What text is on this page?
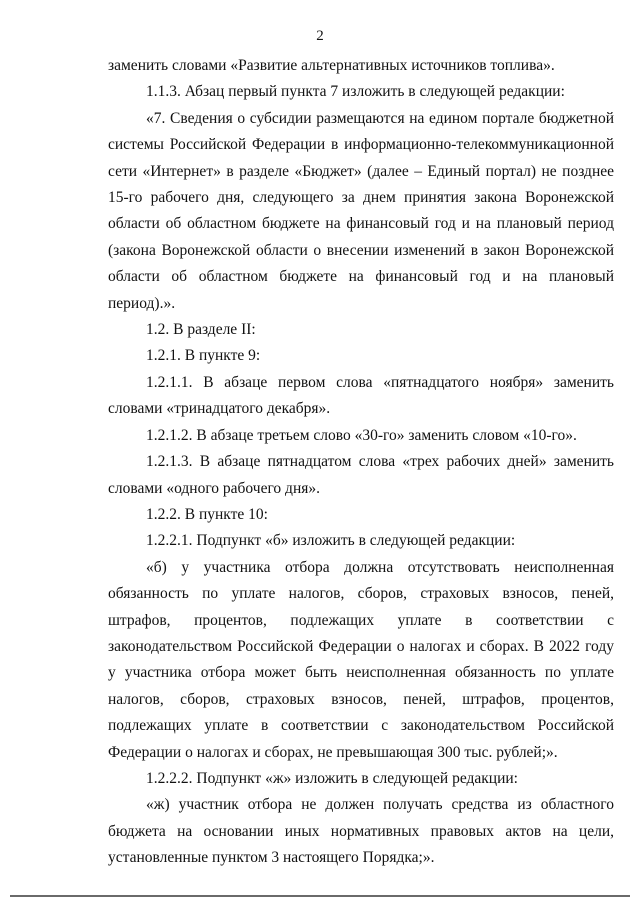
2

заменить словами «Развитие альтернативных источников топлива».

1.1.3. Абзац первый пункта 7 изложить в следующей редакции:

«7. Сведения о субсидии размещаются на едином портале бюджетной системы Российской Федерации в информационно-телекоммуникационной сети «Интернет» в разделе «Бюджет» (далее – Единый портал) не позднее 15-го рабочего дня, следующего за днем принятия закона Воронежской области об областном бюджете на финансовый год и на плановый период (закона Воронежской области о внесении изменений в закон Воронежской области об областном бюджете на финансовый год и на плановый период).».

1.2. В разделе II:

1.2.1. В пункте 9:

1.2.1.1. В абзаце первом слова «пятнадцатого ноября» заменить словами «тринадцатого декабря».

1.2.1.2. В абзаце третьем слово «30-го» заменить словом «10-го».

1.2.1.3. В абзаце пятнадцатом слова «трех рабочих дней» заменить словами «одного рабочего дня».

1.2.2. В пункте 10:

1.2.2.1. Подпункт «б» изложить в следующей редакции:

«б) у участника отбора должна отсутствовать неисполненная обязанность по уплате налогов, сборов, страховых взносов, пеней, штрафов, процентов, подлежащих уплате в соответствии с законодательством Российской Федерации о налогах и сборах. В 2022 году у участника отбора может быть неисполненная обязанность по уплате налогов, сборов, страховых взносов, пеней, штрафов, процентов, подлежащих уплате в соответствии с законодательством Российской Федерации о налогах и сборах, не превышающая 300 тыс. рублей;».

1.2.2.2. Подпункт «ж» изложить в следующей редакции:

«ж) участник отбора не должен получать средства из областного бюджета на основании иных нормативных правовых актов на цели, установленные пунктом 3 настоящего Порядка;».
